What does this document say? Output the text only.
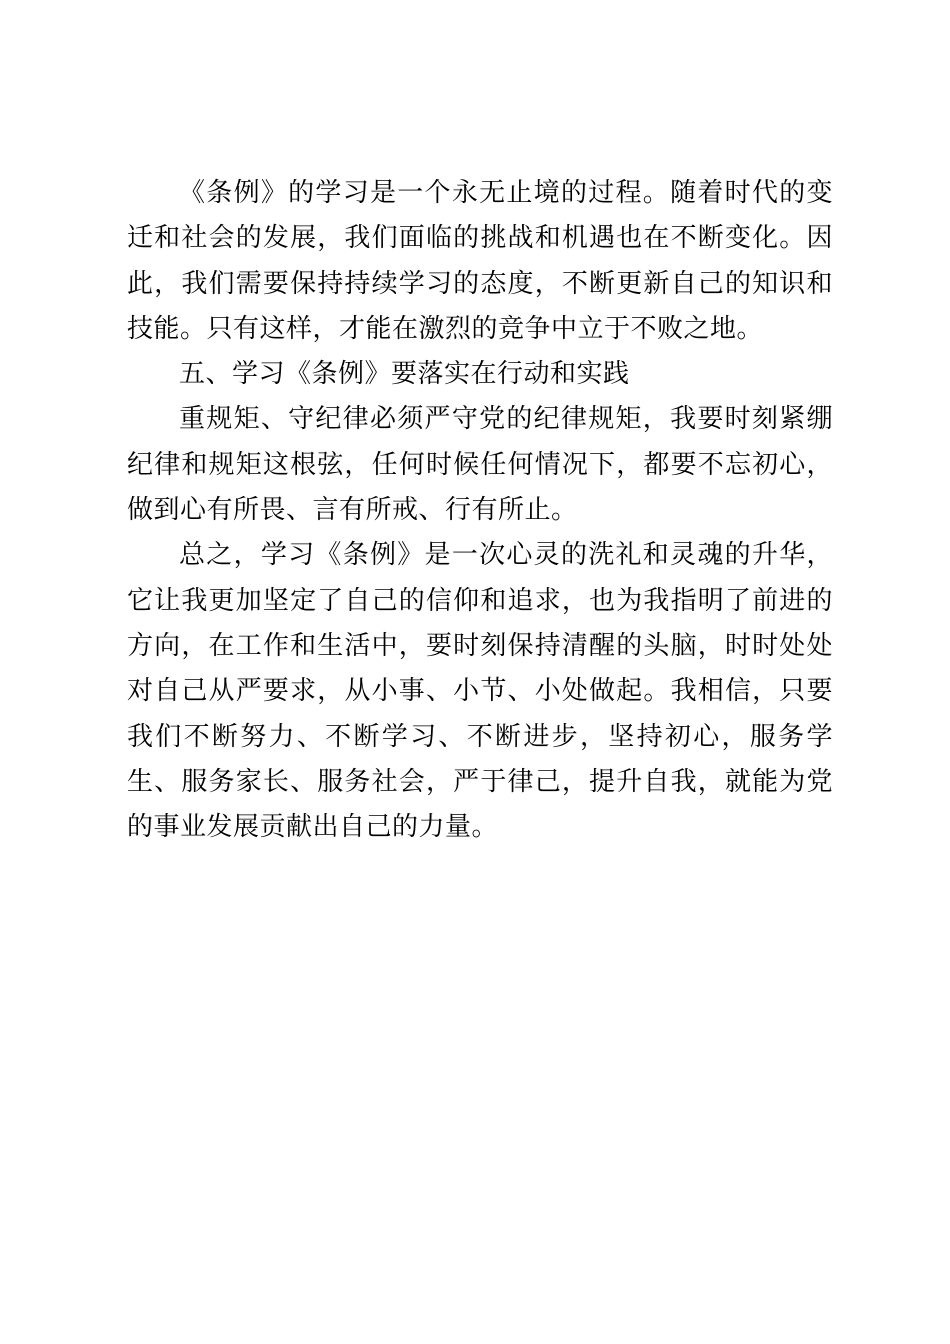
《条例》的学习是一个永无止境的过程。随着时代的变迁和社会的发展，我们面临的挑战和机遇也在不断变化。因此，我们需要保持持续学习的态度，不断更新自己的知识和技能。只有这样，才能在激烈的竞争中立于不败之地。

五、学习《条例》要落实在行动和实践

重规矩、守纪律必须严守党的纪律规矩，我要时刻紧绷纪律和规矩这根弦，任何时候任何情况下，都要不忘初心，做到心有所畏、言有所戒、行有所止。

总之，学习《条例》是一次心灵的洗礼和灵魂的升华，它让我更加坚定了自己的信仰和追求，也为我指明了前进的方向，在工作和生活中，要时刻保持清醒的头脑，时时处处对自己从严要求，从小事、小节、小处做起。我相信，只要我们不断努力、不断学习、不断进步，坚持初心，服务学生、服务家长、服务社会，严于律己，提升自我，就能为党的事业发展贡献出自己的力量。
